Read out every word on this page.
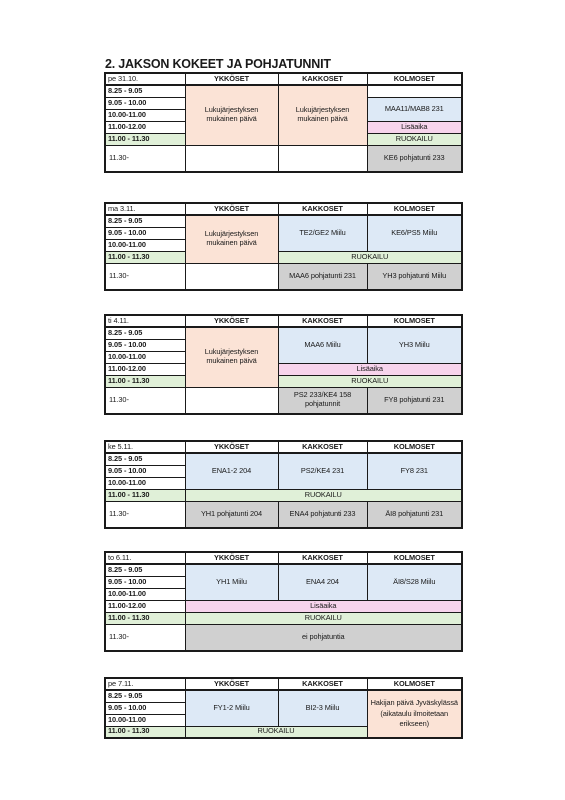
2. JAKSON KOKEET JA POHJATUNNIT
pe 31.10.	YKKÖSET	KAKKOSET	KOLMOSET
8.25 - 9.05	Lukujärjestyksen mukainen päivä	Lukujärjestyksen mukainen päivä	
9.05 - 10.00			MAA11/MAB8 231
10.00-11.00			
11.00-12.00			Lisäaika
11.00 - 11.30			RUOKAILU
11.30-			KE6 pohjatunti 233
ma 3.11.	YKKÖSET	KAKKOSET	KOLMOSET
8.25 - 9.05	Lukujärjestyksen mukainen päivä	TE2/GE2 Miilu	KE6/PS5 Miilu
9.05 - 10.00			
10.00-11.00			
11.00 - 11.30		RUOKAILU	
11.30-		MAA6 pohjatunti 231	YH3 pohjatunti Miilu
ti 4.11.	YKKÖSET	KAKKOSET	KOLMOSET
8.25 - 9.05	Lukujärjestyksen mukainen päivä	MAA6 Miilu	YH3 Miilu
9.05 - 10.00			
10.00-11.00			
11.00-12.00		Lisäaika	
11.00 - 11.30		RUOKAILU	
11.30-		PS2 233/KE4 158 pohjatunnit	FY8 pohjatunti 231
ke 5.11.	YKKÖSET	KAKKOSET	KOLMOSET
8.25 - 9.05	ENA1-2 204	PS2/KE4 231	FY8 231
9.05 - 10.00			
10.00-11.00			
11.00 - 11.30	RUOKAILU		
11.30-	YH1 pohjatunti 204	ENA4 pohjatunti 233	ÄI8 pohjatunti 231
to 6.11.	YKKÖSET	KAKKOSET	KOLMOSET
8.25 - 9.05	YH1 Miilu	ENA4 204	ÄI8/S28 Miilu
9.05 - 10.00			
10.00-11.00			
11.00-12.00	Lisäaika		
11.00 - 11.30	RUOKAILU		
11.30-	ei pohjatuntia		
pe 7.11.	YKKÖSET	KAKKOSET	KOLMOSET
8.25 - 9.05	FY1-2 Miilu	BI2-3 Miilu	Hakijan päivä Jyväskylässä (aikataulu ilmoitetaan erikseen)
9.05 - 10.00			
10.00-11.00			
11.00 - 11.30	RUOKAILU		
